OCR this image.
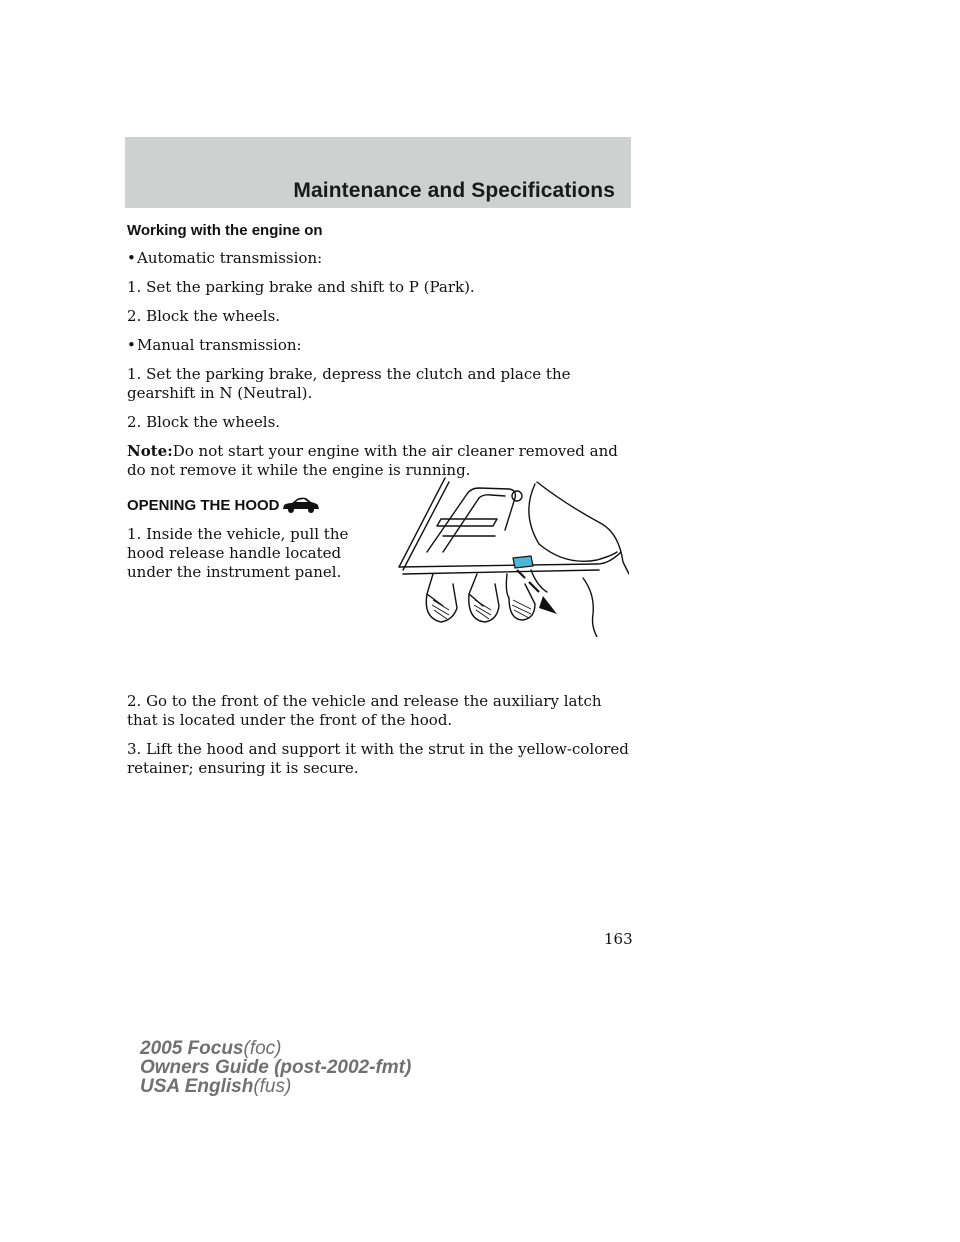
Maintenance and Specifications
Working with the engine on
•Automatic transmission:
1. Set the parking brake and shift to P (Park).
2. Block the wheels.
•Manual transmission:
1. Set the parking brake, depress the clutch and place the gearshift in N (Neutral).
2. Block the wheels.
Note:Do not start your engine with the air cleaner removed and do not remove it while the engine is running.
OPENING THE HOOD
1. Inside the vehicle, pull the hood release handle located under the instrument panel.
2. Go to the front of the vehicle and release the auxiliary latch that is located under the front of the hood.
3. Lift the hood and support it with the strut in the yellow-colored retainer; ensuring it is secure.
163
2005 Focus(foc)
Owners Guide (post-2002-fmt)
USA English(fus)
